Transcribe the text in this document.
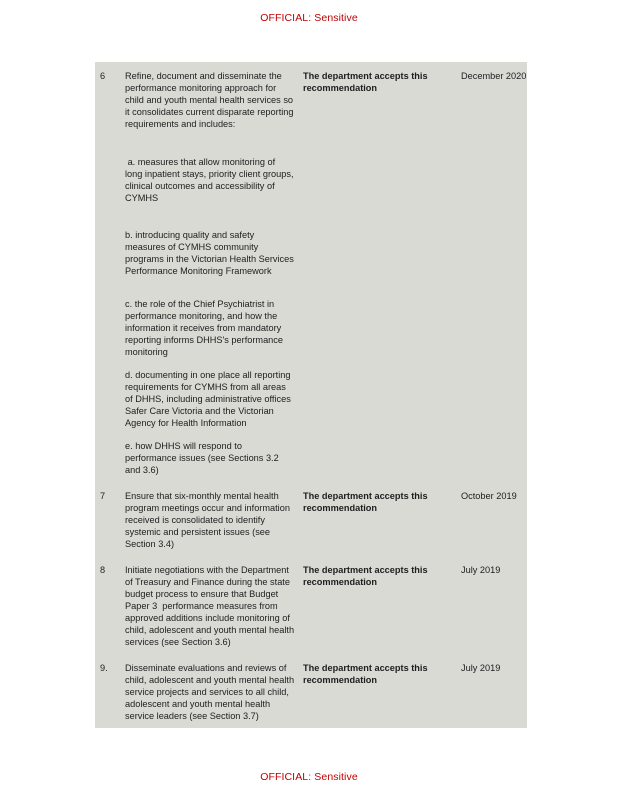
OFFICIAL: Sensitive
6	Refine, document and disseminate the performance monitoring approach for child and youth mental health services so it consolidates current disparate reporting requirements and includes:
a. measures that allow monitoring of long inpatient stays, priority client groups, clinical outcomes and accessibility of CYMHS
b. introducing quality and safety measures of CYMHS community programs in the Victorian Health Services Performance Monitoring Framework
c. the role of the Chief Psychiatrist in performance monitoring, and how the information it receives from mandatory reporting informs DHHS's performance monitoring
d. documenting in one place all reporting requirements for CYMHS from all areas of DHHS, including administrative offices Safer Care Victoria and the Victorian Agency for Health Information
e. how DHHS will respond to performance issues (see Sections 3.2 and 3.6)
The department accepts this recommendation
December 2020
7	Ensure that six-monthly mental health program meetings occur and information received is consolidated to identify systemic and persistent issues (see Section 3.4)
The department accepts this recommendation
October 2019
8	Initiate negotiations with the Department of Treasury and Finance during the state budget process to ensure that Budget Paper 3  performance measures from approved additions include monitoring of child, adolescent and youth mental health services (see Section 3.6)
The department accepts this recommendation
July 2019
9.	Disseminate evaluations and reviews of child, adolescent and youth mental health service projects and services to all child, adolescent and youth mental health service leaders (see Section 3.7)
The department accepts this recommendation
July 2019
OFFICIAL: Sensitive
